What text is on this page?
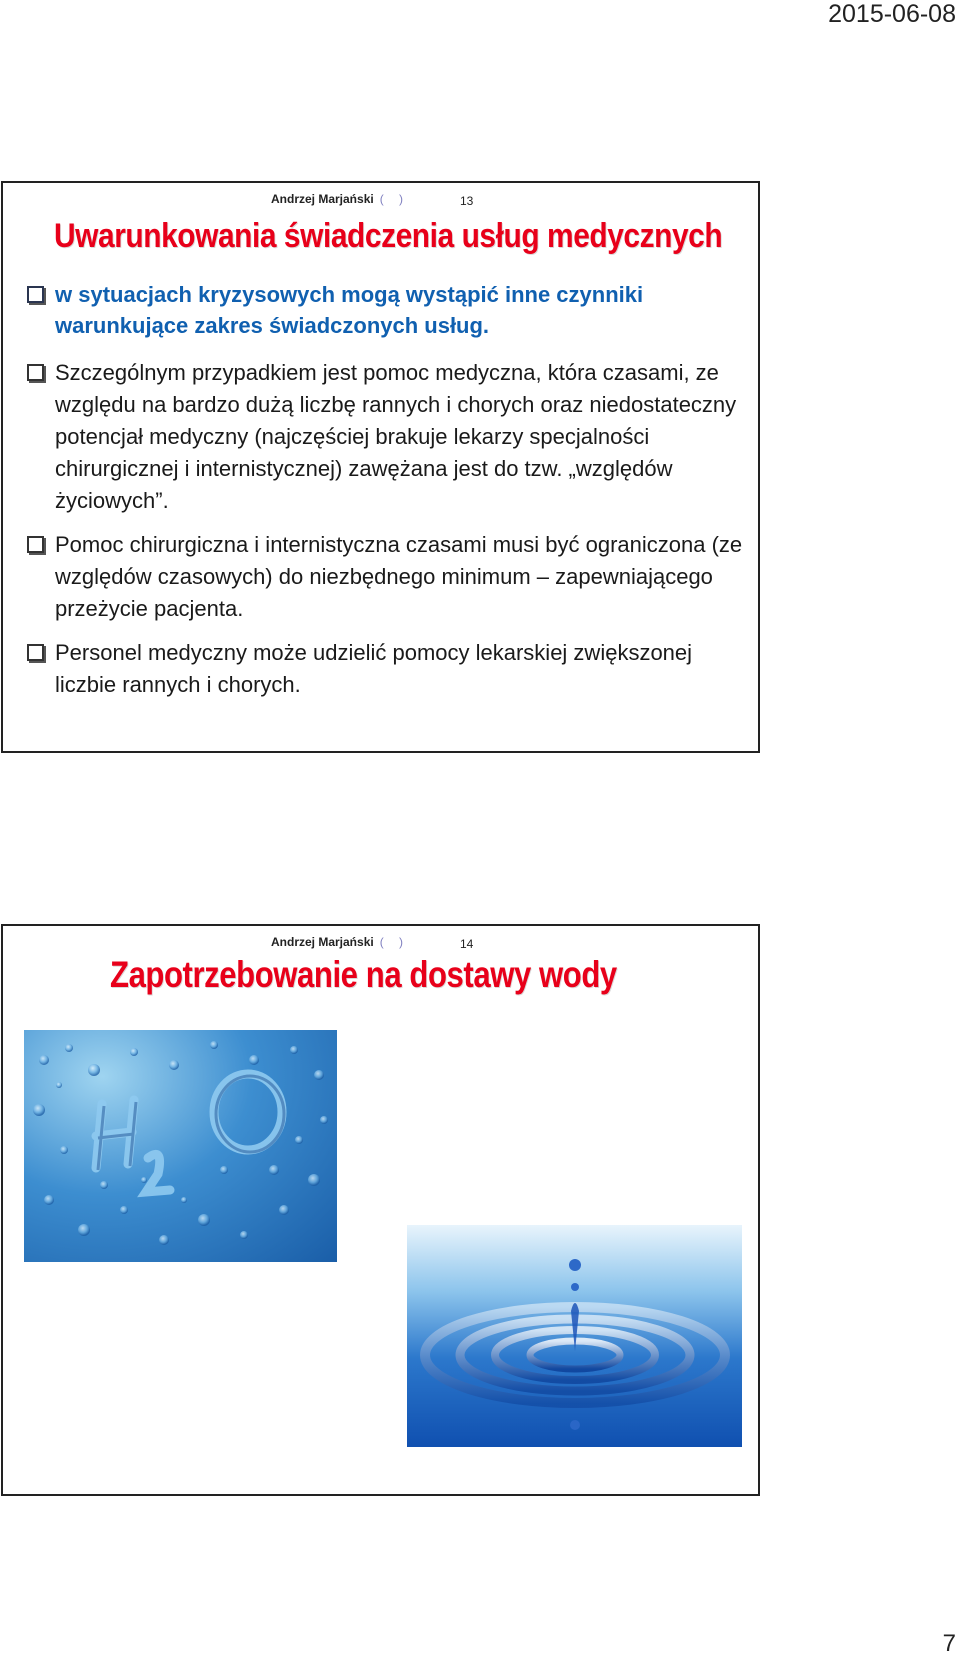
2015-06-08
Andrzej Marjański ( )	13
Uwarunkowania świadczenia usług medycznych
w sytuacjach kryzysowych mogą wystąpić inne czynniki warunkujące zakres świadczonych usług.
Szczególnym przypadkiem jest pomoc medyczna, która czasami, ze względu na bardzo dużą liczbę rannych i chorych oraz niedostateczny potencjał medyczny (najczęściej brakuje lekarzy specjalności chirurgicznej i internistycznej) zawężana jest do tzw. „względów życiowych”.
Pomoc chirurgiczna i internistyczna czasami musi być ograniczona (ze względów czasowych) do niezbędnego minimum – zapewniającego przeżycie pacjenta.
Personel medyczny może udzielić pomocy lekarskiej zwiększonej liczbie rannych i chorych.
Andrzej Marjański ( )	14
Zapotrzebowanie na dostawy wody
7
